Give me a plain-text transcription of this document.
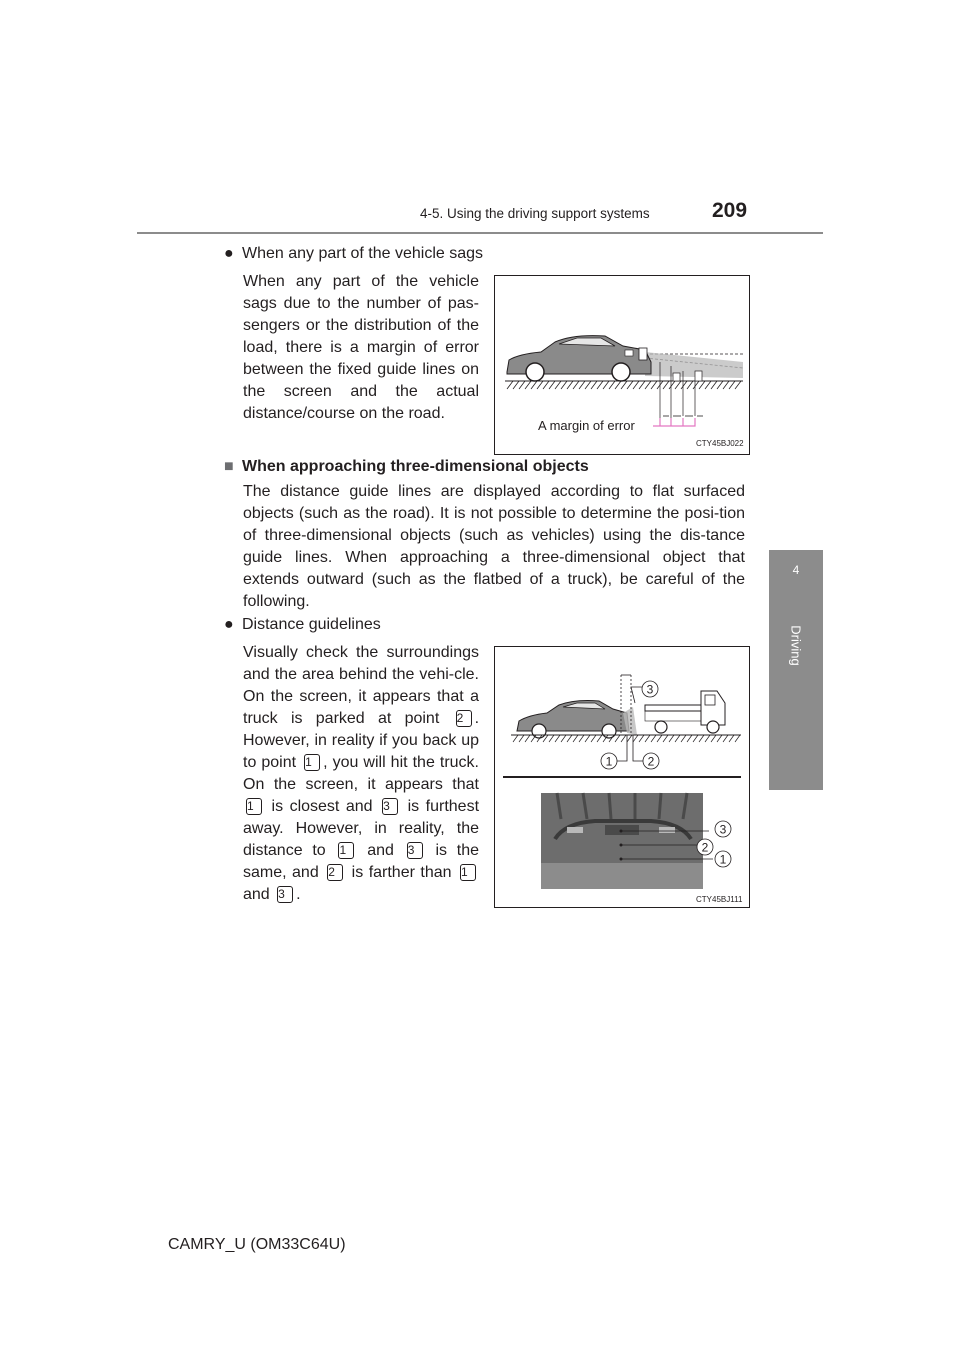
4-5. Using the driving support systems	209
4
Driving
● When any part of the vehicle sags
When any part of the vehicle sags due to the number of pas-sengers or the distribution of the load, there is a margin of error between the fixed guide lines on the screen and the actual distance/course on the road.
A margin of error
CTY45BJ022
■ When approaching three-dimensional objects
The distance guide lines are displayed according to flat surfaced objects (such as the road). It is not possible to determine the posi-tion of three-dimensional objects (such as vehicles) using the dis-tance guide lines. When approaching a three-dimensional object that extends outward (such as the flatbed of a truck), be careful of the following.
● Distance guidelines
Visually check the surroundings and the area behind the vehi-cle. On the screen, it appears that a truck is parked at point 2 . However, in reality if you back up to point 1 , you will hit the truck. On the screen, it appears that 1 is closest and 3 is furthest away. However, in reality, the distance to 1 and 3 is the same, and 2 is farther than 1 and 3 .
3
1	2
3
2
1
CTY45BJ111
CAMRY_U (OM33C64U)
